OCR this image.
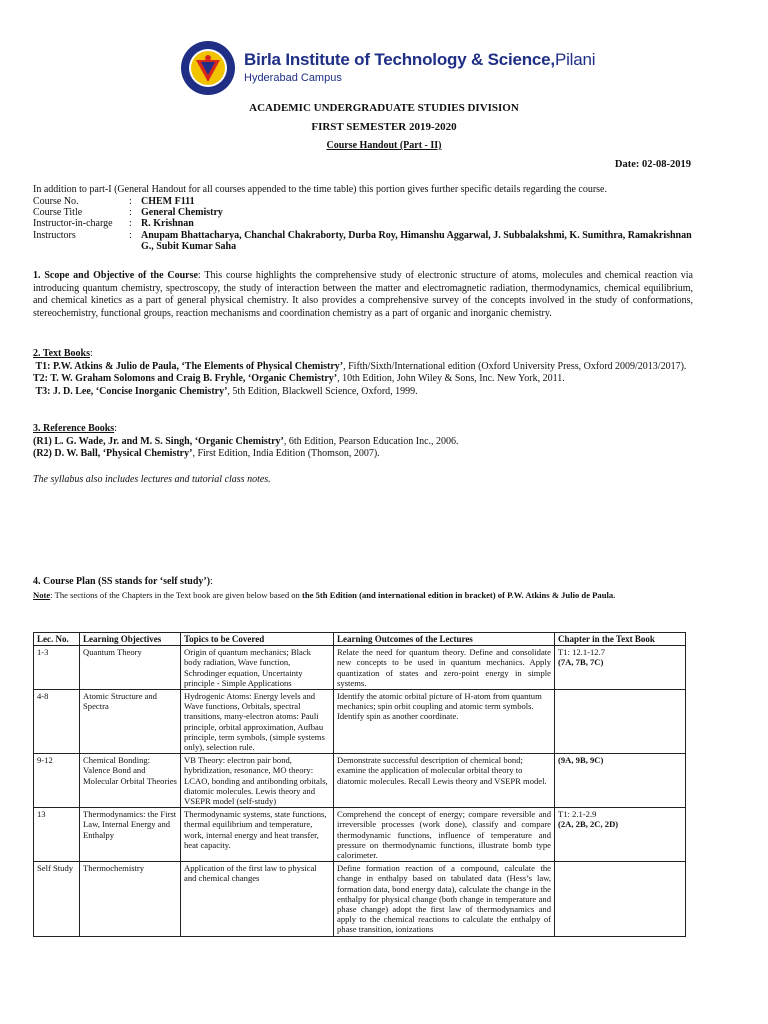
Birla Institute of Technology & Science,Pilani
Hyderabad Campus
ACADEMIC UNDERGRADUATE STUDIES DIVISION
FIRST SEMESTER 2019-2020
Course Handout (Part - II)
Date: 02-08-2019
In addition to part-I (General Handout for all courses appended to the time table) this portion gives further specific details regarding the course.
Course No.	: CHEM F111
Course Title	: General Chemistry
Instructor-in-charge	: R. Krishnan
Instructors	: Anupam Bhattacharya, Chanchal Chakraborty, Durba Roy, Himanshu Aggarwal, J. Subbalakshmi, K. Sumithra, Ramakrishnan G., Subit Kumar Saha
1. Scope and Objective of the Course: This course highlights the comprehensive study of electronic structure of atoms, molecules and chemical reaction via introducing quantum chemistry, spectroscopy, the study of interaction between the matter and electromagnetic radiation, thermodynamics, chemical equilibrium, and chemical kinetics as a part of general physical chemistry. It also provides a comprehensive survey of the concepts involved in the study of conformations, stereochemistry, functional groups, reaction mechanisms and coordination chemistry as a part of organic and inorganic chemistry.
2. Text Books:
T1: P.W. Atkins & Julio de Paula, ‘The Elements of Physical Chemistry’, Fifth/Sixth/International edition (Oxford University Press, Oxford 2009/2013/2017).
T2: T. W. Graham Solomons and Craig B. Fryhle, ‘Organic Chemistry’, 10th Edition, John Wiley & Sons, Inc. New York, 2011.
T3: J. D. Lee, ‘Concise Inorganic Chemistry’, 5th Edition, Blackwell Science, Oxford, 1999.
3. Reference Books:
(R1) L. G. Wade, Jr. and M. S. Singh, ‘Organic Chemistry’, 6th Edition, Pearson Education Inc., 2006.
(R2) D. W. Ball, ‘Physical Chemistry’, First Edition, India Edition (Thomson, 2007).
The syllabus also includes lectures and tutorial class notes.
4. Course Plan (SS stands for ‘self study’):
Note: The sections of the Chapters in the Text book are given below based on the 5th Edition (and international edition in bracket) of P.W. Atkins & Julio de Paula.
Lec. No.	Learning Objectives	Topics to be Covered	Learning Outcomes of the Lectures	Chapter in the Text Book
1-3	Quantum Theory	Origin of quantum mechanics; Black body radiation, Wave function, Schrodinger equation, Uncertainty principle - Simple Applications	Relate the need for quantum theory. Define and consolidate new concepts to be used in quantum mechanics. Apply quantization of states and zero-point energy in simple systems.	T1: 12.1-12.7
(7A, 7B, 7C)

4-8	Atomic Structure and Spectra	Hydrogenic Atoms: Energy levels and Wave functions, Orbitals, spectral transitions, many-electron atoms: Pauli principle, orbital approximation, Aufbau principle, term symbols, (simple systems only), selection rule.	Identify the atomic orbital picture of H-atom from quantum mechanics; spin orbit coupling and atomic term symbols. Identify spin as another coordinate.	

9-12	Chemical Bonding: Valence Bond and Molecular Orbital Theories	VB Theory: electron pair bond, hybridization, resonance, MO theory: LCAO, bonding and antibonding orbitals, diatomic molecules. Lewis theory and VSEPR model (self-study)	Demonstrate successful description of chemical bond; examine the application of molecular orbital theory to diatomic molecules. Recall Lewis theory and VSEPR model.	(9A, 9B, 9C)

13	Thermodynamics: the First Law, Internal Energy and Enthalpy	Thermodynamic systems, state functions, thermal equilibrium and temperature, work, internal energy and heat transfer, heat capacity.	Comprehend the concept of energy; compare reversible and irreversible processes (work done), classify and compare thermodynamic functions, influence of temperature and pressure on thermodynamic functions, illustrate bomb type calorimeter.	T1: 2.1-2.9
(2A, 2B, 2C, 2D)

Self Study	Thermochemistry	Application of the first law to physical and chemical changes	Define formation reaction of a compound, calculate the change in enthalpy based on tabulated data (Hess’s law, formation data, bond energy data), calculate the change in the enthalpy for physical change (both change in temperature and phase change) adopt the first law of thermodynamics and apply to the chemical reactions to calculate the enthalpy of phase transition, ionizations	
